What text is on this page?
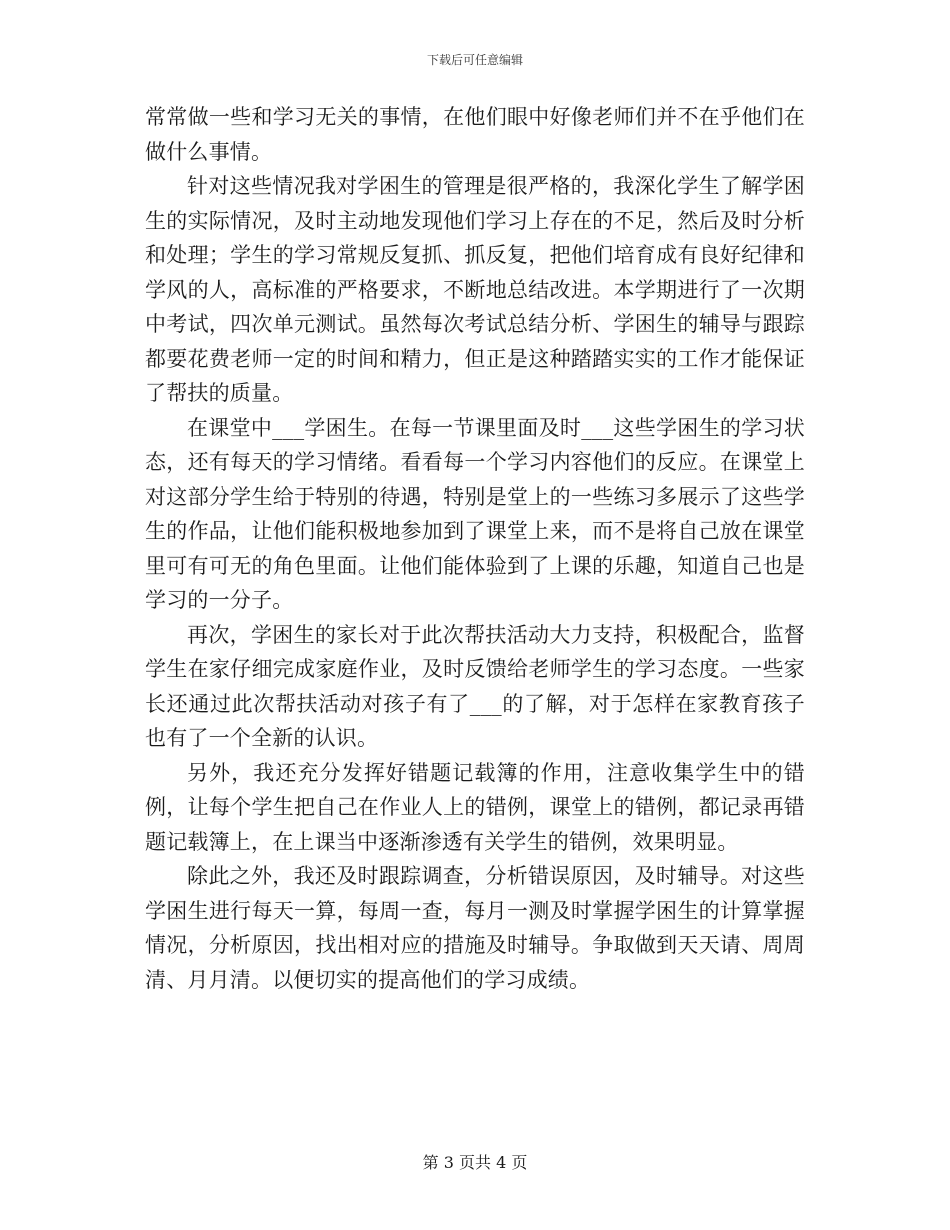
下载后可任意编辑

常常做一些和学习无关的事情，在他们眼中好像老师们并不在乎他们在做什么事情。

针对这些情况我对学困生的管理是很严格的，我深化学生了解学困生的实际情况，及时主动地发现他们学习上存在的不足，然后及时分析和处理；学生的学习常规反复抓、抓反复，把他们培育成有良好纪律和学风的人，高标准的严格要求，不断地总结改进。本学期进行了一次期中考试，四次单元测试。虽然每次考试总结分析、学困生的辅导与跟踪都要花费老师一定的时间和精力，但正是这种踏踏实实的工作才能保证了帮扶的质量。

在课堂中___学困生。在每一节课里面及时___这些学困生的学习状态，还有每天的学习情绪。看看每一个学习内容他们的反应。在课堂上对这部分学生给于特别的待遇，特别是堂上的一些练习多展示了这些学生的作品，让他们能积极地参加到了课堂上来，而不是将自己放在课堂里可有可无的角色里面。让他们能体验到了上课的乐趣，知道自己也是学习的一分子。

再次，学困生的家长对于此次帮扶活动大力支持，积极配合，监督学生在家仔细完成家庭作业，及时反馈给老师学生的学习态度。一些家长还通过此次帮扶活动对孩子有了___的了解，对于怎样在家教育孩子也有了一个全新的认识。

另外，我还充分发挥好错题记载簿的作用，注意收集学生中的错例，让每个学生把自己在作业人上的错例，课堂上的错例，都记录再错题记载簿上，在上课当中逐渐渗透有关学生的错例，效果明显。

除此之外，我还及时跟踪调查，分析错误原因，及时辅导。对这些学困生进行每天一算，每周一查，每月一测及时掌握学困生的计算掌握情况，分析原因，找出相对应的措施及时辅导。争取做到天天请、周周清、月月清。以便切实的提高他们的学习成绩。

第 3 页共 4 页
